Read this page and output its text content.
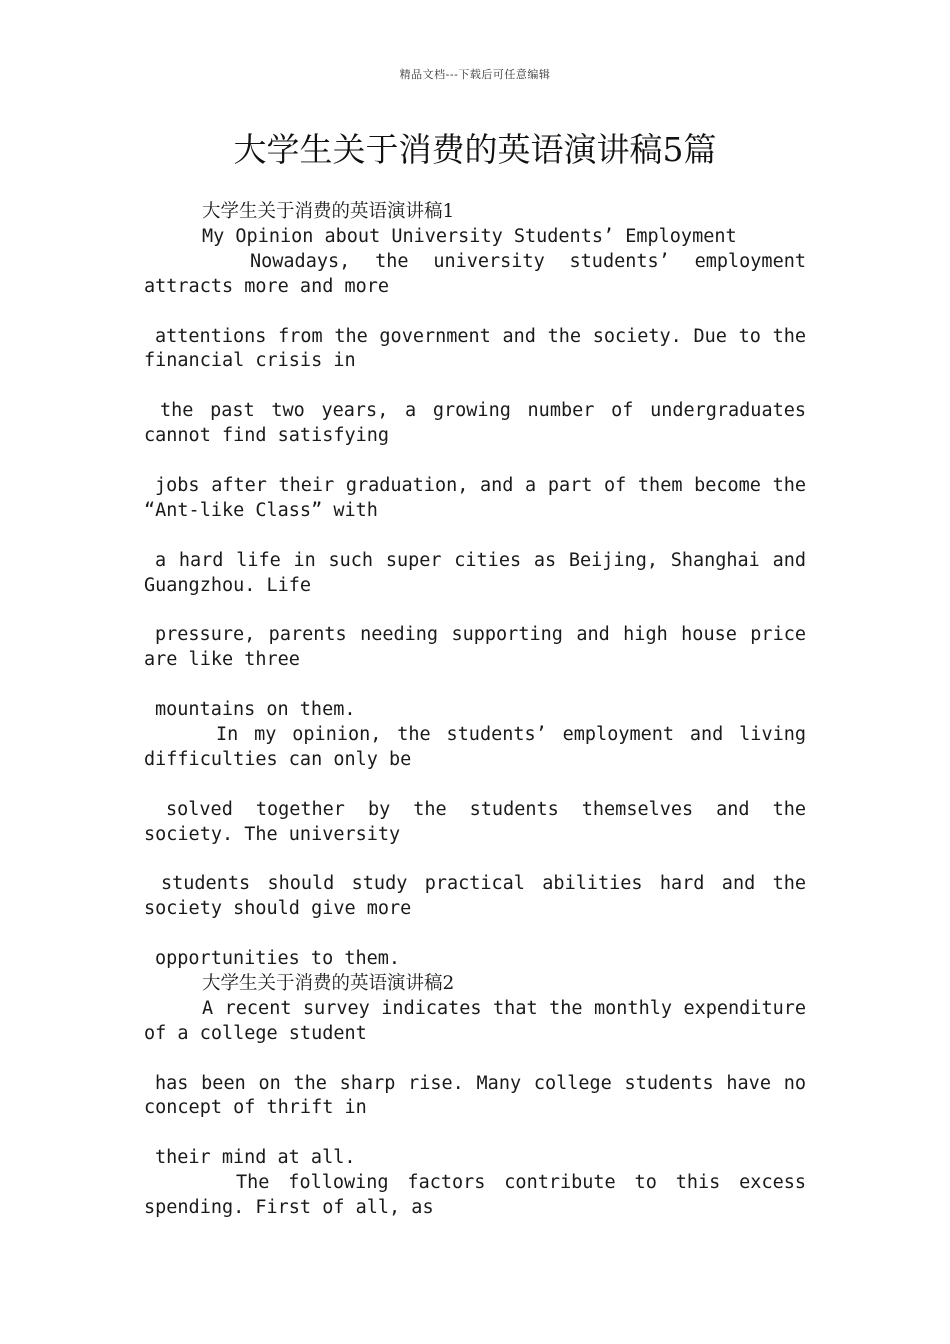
精品文档---下载后可任意编辑
大学生关于消费的英语演讲稿5篇
大学生关于消费的英语演讲稿1
My Opinion about University Students’ Employment
Nowadays, the university students’ employment
attracts more and more
attentions from the government and the society. Due to the
financial crisis in
the past two years, a growing number of undergraduates
cannot find satisfying
jobs after their graduation, and a part of them become the
“Ant-like Class” with
a hard life in such super cities as Beijing, Shanghai and
Guangzhou. Life
pressure, parents needing supporting and high house price
are like three
mountains on them.
In my opinion, the students’ employment and living
difficulties can only be
solved together by the students themselves and the
society. The university
students should study practical abilities hard and the
society should give more
opportunities to them.
大学生关于消费的英语演讲稿2
A recent survey indicates that the monthly expenditure
of a college student
has been on the sharp rise. Many college students have no
concept of thrift in
their mind at all.
The following factors contribute to this excess
spending. First of all, as
